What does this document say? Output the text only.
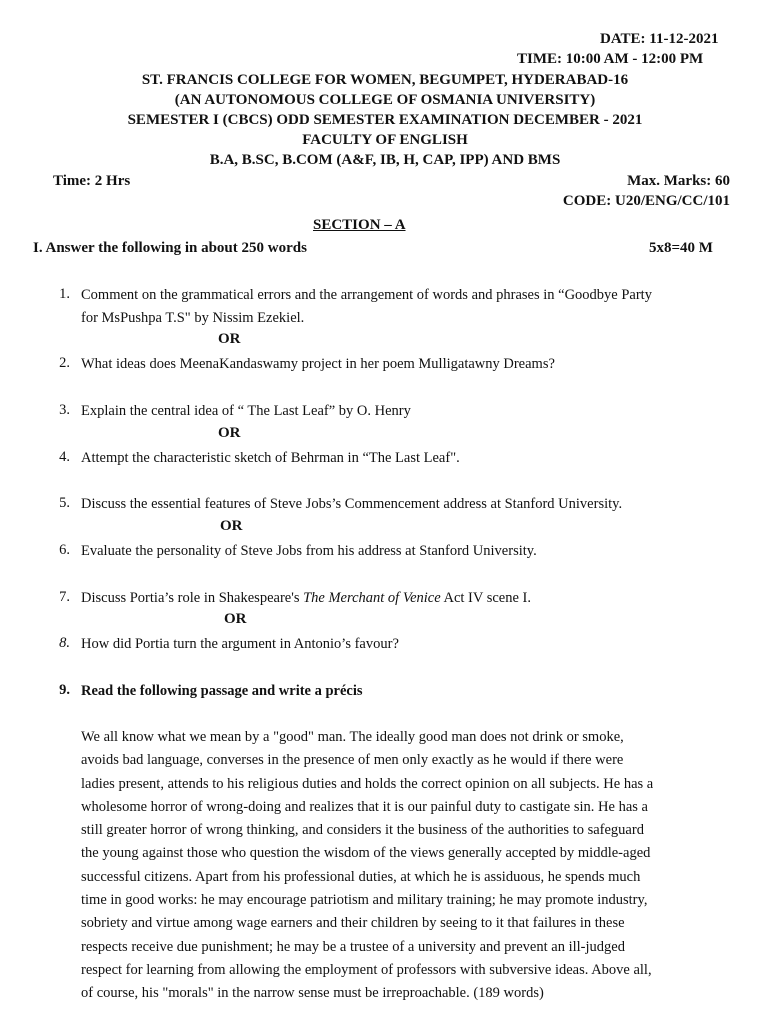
DATE: 11-12-2021
TIME: 10:00 AM - 12:00 PM
ST. FRANCIS COLLEGE FOR WOMEN, BEGUMPET, HYDERABAD-16
(AN AUTONOMOUS COLLEGE OF OSMANIA UNIVERSITY)
SEMESTER I (CBCS) ODD SEMESTER EXAMINATION DECEMBER - 2021
FACULTY OF ENGLISH
B.A, B.SC, B.COM (A&F, IB, H, CAP, IPP) AND BMS
Time: 2 Hrs	Max. Marks: 60
CODE: U20/ENG/CC/101
SECTION – A
I. Answer the following in about 250 words	5x8=40 M
1. Comment on the grammatical errors and the arrangement of words and phrases in “Goodbye Party
for MsPushpa T.S" by Nissim Ezekiel.
OR
2. What ideas does MeenaKandaswamy project in her poem Mulligatawny Dreams?
3. Explain the central idea of “ The Last Leaf” by O. Henry
OR
4. Attempt the characteristic sketch of Behrman in “The Last Leaf".
5. Discuss the essential features of Steve Jobs’s Commencement address at Stanford University.
OR
6. Evaluate the personality of Steve Jobs from his address at Stanford University.
7. Discuss Portia’s role in Shakespeare's The Merchant of Venice Act IV scene I.
OR
8. How did Portia turn the argument in Antonio’s favour?
9. Read the following passage and write a précis
We all know what we mean by a "good" man. The ideally good man does not drink or smoke,
avoids bad language, converses in the presence of men only exactly as he would if there were
ladies present, attends to his religious duties and holds the correct opinion on all subjects. He has a
wholesome horror of wrong-doing and realizes that it is our painful duty to castigate sin. He has a
still greater horror of wrong thinking, and considers it the business of the authorities to safeguard
the young against those who question the wisdom of the views generally accepted by middle-aged
successful citizens. Apart from his professional duties, at which he is assiduous, he spends much
time in good works: he may encourage patriotism and military training; he may promote industry,
sobriety and virtue among wage earners and their children by seeing to it that failures in these
respects receive due punishment; he may be a trustee of a university and prevent an ill-judged
respect for learning from allowing the employment of professors with subversive ideas. Above all,
of course, his "morals" in the narrow sense must be irreproachable. (189 words)
